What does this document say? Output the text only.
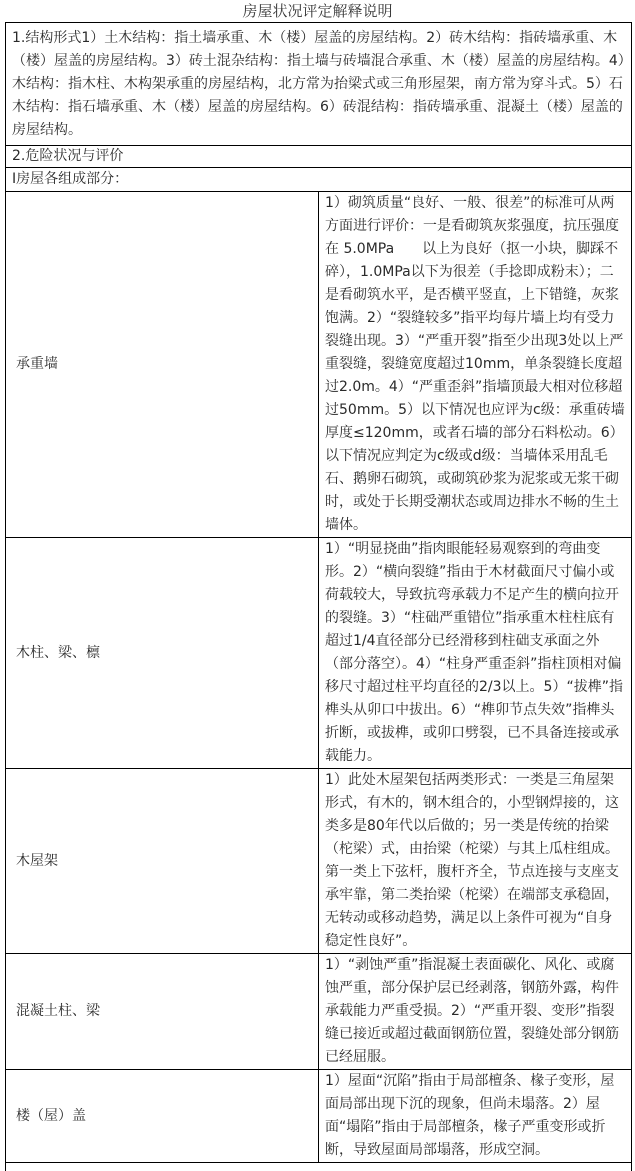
房屋状况评定解释说明
1.结构形式1）土木结构：指土墙承重、木（楼）屋盖的房屋结构。2）砖木结构：指砖墙承重、木（楼）屋盖的房屋结构。3）砖土混杂结构：指土墙与砖墙混合承重、木（楼）屋盖的房屋结构。4）木结构：指木柱、木构架承重的房屋结构，北方常为抬梁式或三角形屋架，南方常为穿斗式。5）石木结构：指石墙承重、木（楼）屋盖的房屋结构。6）砖混结构：指砖墙承重、混凝土（楼）屋盖的房屋结构。	
2.危险状况与评价	
Ⅰ房屋各组成部分：	
承重墙	1）砌筑质量“良好、一般、很差”的标准可从两方面进行评价：一是看砌筑灰浆强度，抗压强度在 5.0MPa　　以上为良好（抠一小块，脚踩不碎），1.0MPa以下为很差（手捻即成粉末）；二是看砌筑水平，是否横平竖直，上下错缝，灰浆饱满。2）“裂缝较多”指平均每片墙上均有受力裂缝出现。3）“严重开裂”指至少出现3处以上严重裂缝，裂缝宽度超过10mm，单条裂缝长度超过2.0m。4）“严重歪斜”指墙顶最大相对位移超过50mm。5）以下情况也应评为c级：承重砖墙厚度≤120mm，或者石墙的部分石料松动。6）以下情况应判定为c级或d级：当墙体采用乱毛石、鹅卵石砌筑，或砌筑砂浆为泥浆或无浆干砌时，或处于长期受潮状态或周边排水不畅的生土墙体。
木柱、梁、檩	1）“明显挠曲”指肉眼能轻易观察到的弯曲变形。2）“横向裂缝”指由于木材截面尺寸偏小或荷载较大，导致抗弯承载力不足产生的横向拉开的裂缝。3）“柱础严重错位”指承重木柱柱底有超过1/4直径部分已经滑移到柱础支承面之外（部分落空）。4）“柱身严重歪斜”指柱顶相对偏移尺寸超过柱平均直径的2/3以上。5）“拔榫”指榫头从卯口中拔出。6）“榫卯节点失效”指榫头折断，或拔榫，或卯口劈裂，已不具备连接或承载能力。
木屋架	1）此处木屋架包括两类形式：一类是三角屋架形式，有木的，钢木组合的，小型钢焊接的，这类多是80年代以后做的；另一类是传统的抬梁（柁梁）式，由抬梁（柁梁）与其上瓜柱组成。第一类上下弦杆，腹杆齐全，节点连接与支座支承牢靠，第二类抬梁（柁梁）在端部支承稳固，无转动或移动趋势，满足以上条件可视为“自身稳定性良好”。
混凝土柱、梁	1）“剥蚀严重”指混凝土表面碳化、风化、或腐蚀严重，部分保护层已经剥落，钢筋外露，构件承载能力严重受损。2）“严重开裂、变形”指裂缝已接近或超过截面钢筋位置，裂缝处部分钢筋已经屈服。
楼（屋）盖	1）屋面“沉陷”指由于局部檀条、椽子变形，屋面局部出现下沉的现象，但尚未塌落。2）屋面“塌陷”指由于局部檀条，椽子严重变形或折断，导致屋面局部塌落，形成空洞。
